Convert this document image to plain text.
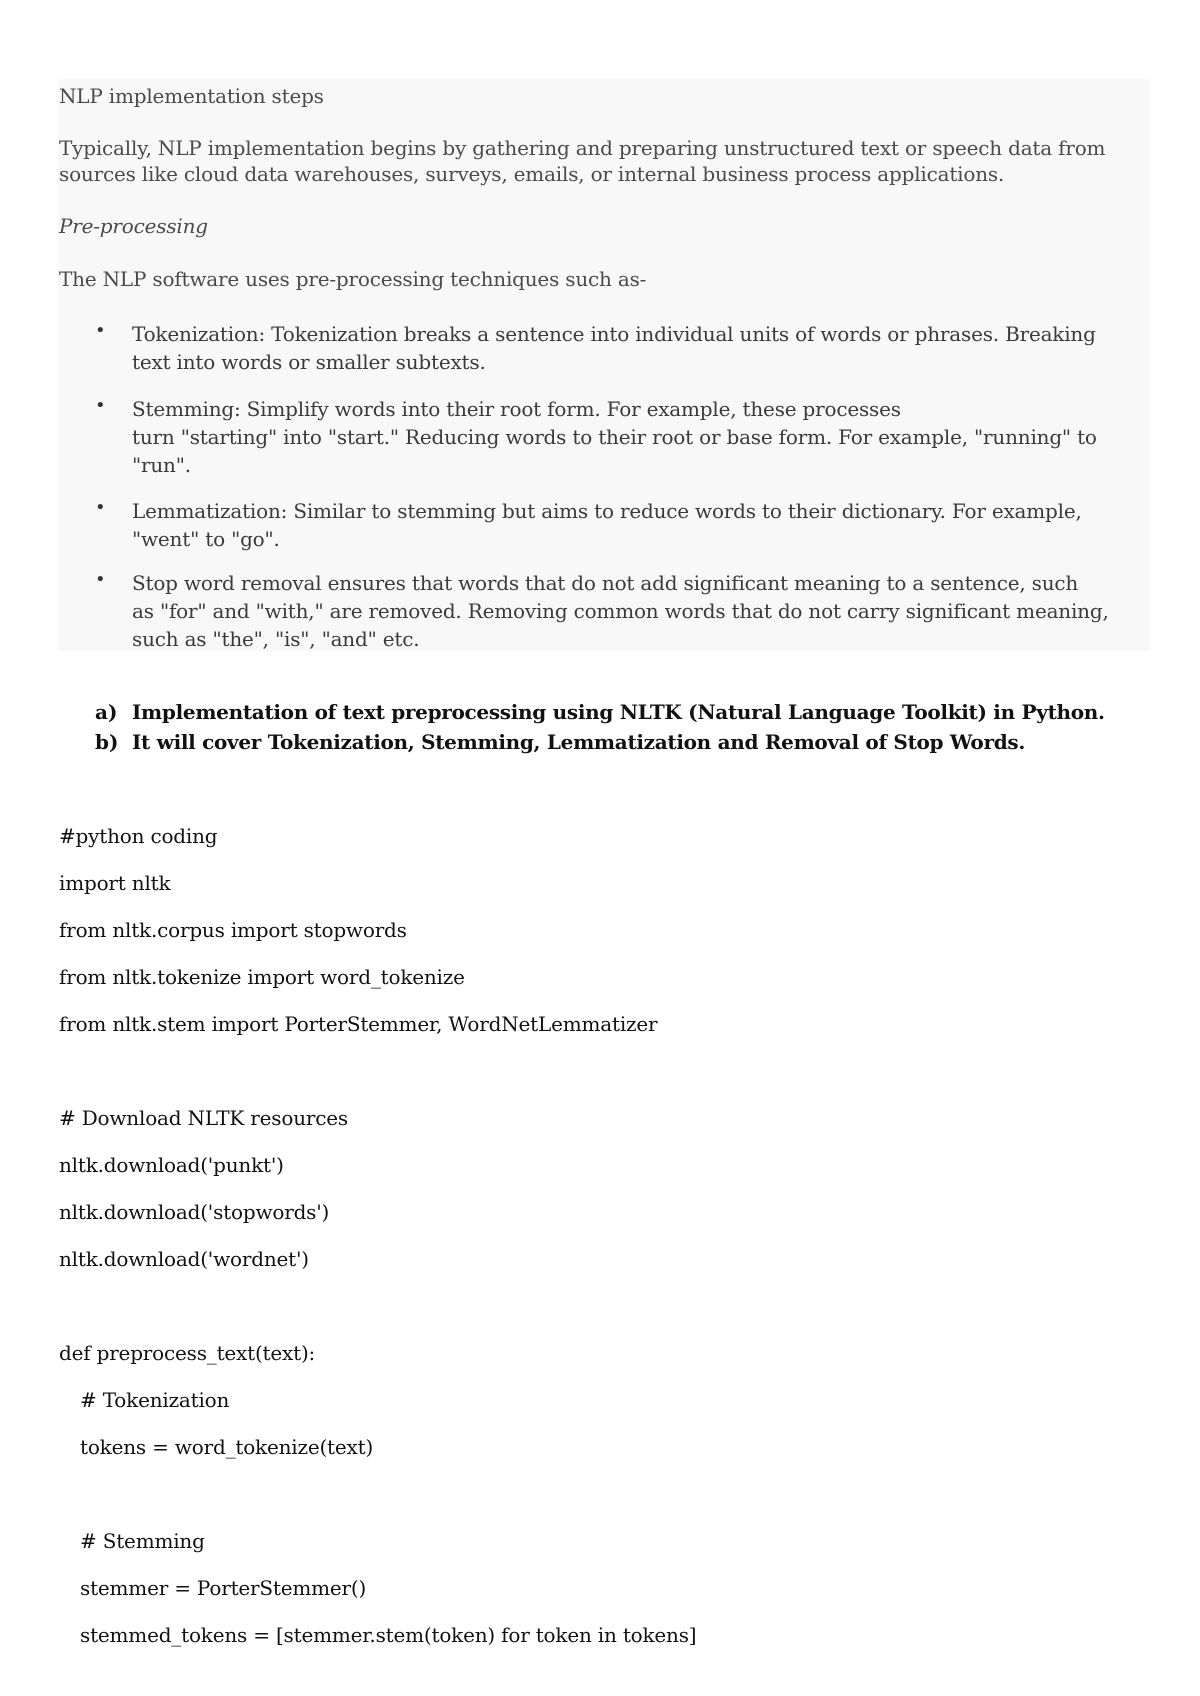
NLP implementation steps
Typically, NLP implementation begins by gathering and preparing unstructured text or speech data from
sources like cloud data warehouses, surveys, emails, or internal business process applications.
Pre-processing
The NLP software uses pre-processing techniques such as-
• Tokenization: Tokenization breaks a sentence into individual units of words or phrases. Breaking
text into words or smaller subtexts.
• Stemming: Simplify words into their root form. For example, these processes
turn "starting" into "start." Reducing words to their root or base form. For example, "running" to
"run".
• Lemmatization: Similar to stemming but aims to reduce words to their dictionary. For example,
"went" to "go".
• Stop word removal ensures that words that do not add significant meaning to a sentence, such
as "for" and "with," are removed. Removing common words that do not carry significant meaning,
such as "the", "is", "and" etc.
a) Implementation of text preprocessing using NLTK (Natural Language Toolkit) in Python.
b) It will cover Tokenization, Stemming, Lemmatization and Removal of Stop Words.
#python coding
import nltk
from nltk.corpus import stopwords
from nltk.tokenize import word_tokenize
from nltk.stem import PorterStemmer, WordNetLemmatizer
# Download NLTK resources
nltk.download('punkt')
nltk.download('stopwords')
nltk.download('wordnet')
def preprocess_text(text):
# Tokenization
tokens = word_tokenize(text)
# Stemming
stemmer = PorterStemmer()
stemmed_tokens = [stemmer.stem(token) for token in tokens]
